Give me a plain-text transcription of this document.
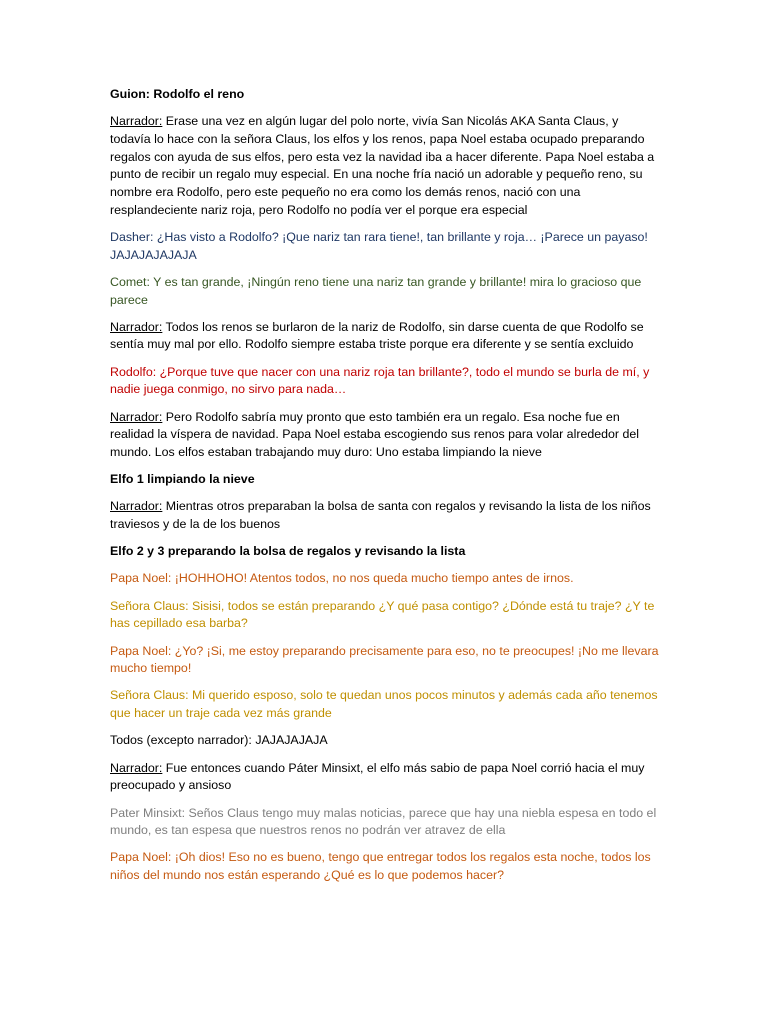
Guion: Rodolfo el reno

Narrador: Erase una vez en algún lugar del polo norte, vivía San Nicolás AKA Santa Claus, y todavía lo hace con la señora Claus, los elfos y los renos, papa Noel estaba ocupado preparando regalos con ayuda de sus elfos, pero esta vez la navidad iba a hacer diferente. Papa Noel estaba a punto de recibir un regalo muy especial. En una noche fría nació un adorable y pequeño reno, su nombre era Rodolfo, pero este pequeño no era como los demás renos, nació con una resplandeciente nariz roja, pero Rodolfo no podía ver el porque era especial

Dasher: ¿Has visto a Rodolfo? ¡Que nariz tan rara tiene!, tan brillante y roja… ¡Parece un payaso! JAJAJAJAJAJA

Comet: Y es tan grande, ¡Ningún reno tiene una nariz tan grande y brillante! mira lo gracioso que parece

Narrador: Todos los renos se burlaron de la nariz de Rodolfo, sin darse cuenta de que Rodolfo se sentía muy mal por ello. Rodolfo siempre estaba triste porque era diferente y se sentía excluido

Rodolfo: ¿Porque tuve que nacer con una nariz roja tan brillante?, todo el mundo se burla de mí, y nadie juega conmigo, no sirvo para nada…

Narrador: Pero Rodolfo sabría muy pronto que esto también era un regalo. Esa noche fue en realidad la víspera de navidad. Papa Noel estaba escogiendo sus renos para volar alrededor del mundo. Los elfos estaban trabajando muy duro: Uno estaba limpiando la nieve

Elfo 1 limpiando la nieve

Narrador: Mientras otros preparaban la bolsa de santa con regalos y revisando la lista de los niños traviesos y de la de los buenos

Elfo 2 y 3 preparando la bolsa de regalos y revisando la lista

Papa Noel: ¡HOHHOHO! Atentos todos, no nos queda mucho tiempo antes de irnos.

Señora Claus: Sisisi, todos se están preparando ¿Y qué pasa contigo? ¿Dónde está tu traje? ¿Y te has cepillado esa barba?

Papa Noel: ¿Yo? ¡Si, me estoy preparando precisamente para eso, no te preocupes! ¡No me llevara mucho tiempo!

Señora Claus: Mi querido esposo, solo te quedan unos pocos minutos y además cada año tenemos que hacer un traje cada vez más grande

Todos (excepto narrador): JAJAJAJAJA

Narrador: Fue entonces cuando Páter Minsixt, el elfo más sabio de papa Noel corrió hacia el muy preocupado y ansioso

Pater Minsixt: Seños Claus tengo muy malas noticias, parece que hay una niebla espesa en todo el mundo, es tan espesa que nuestros renos no podrán ver atravez de ella

Papa Noel: ¡Oh dios! Eso no es bueno, tengo que entregar todos los regalos esta noche, todos los niños del mundo nos están esperando ¿Qué es lo que podemos hacer?
